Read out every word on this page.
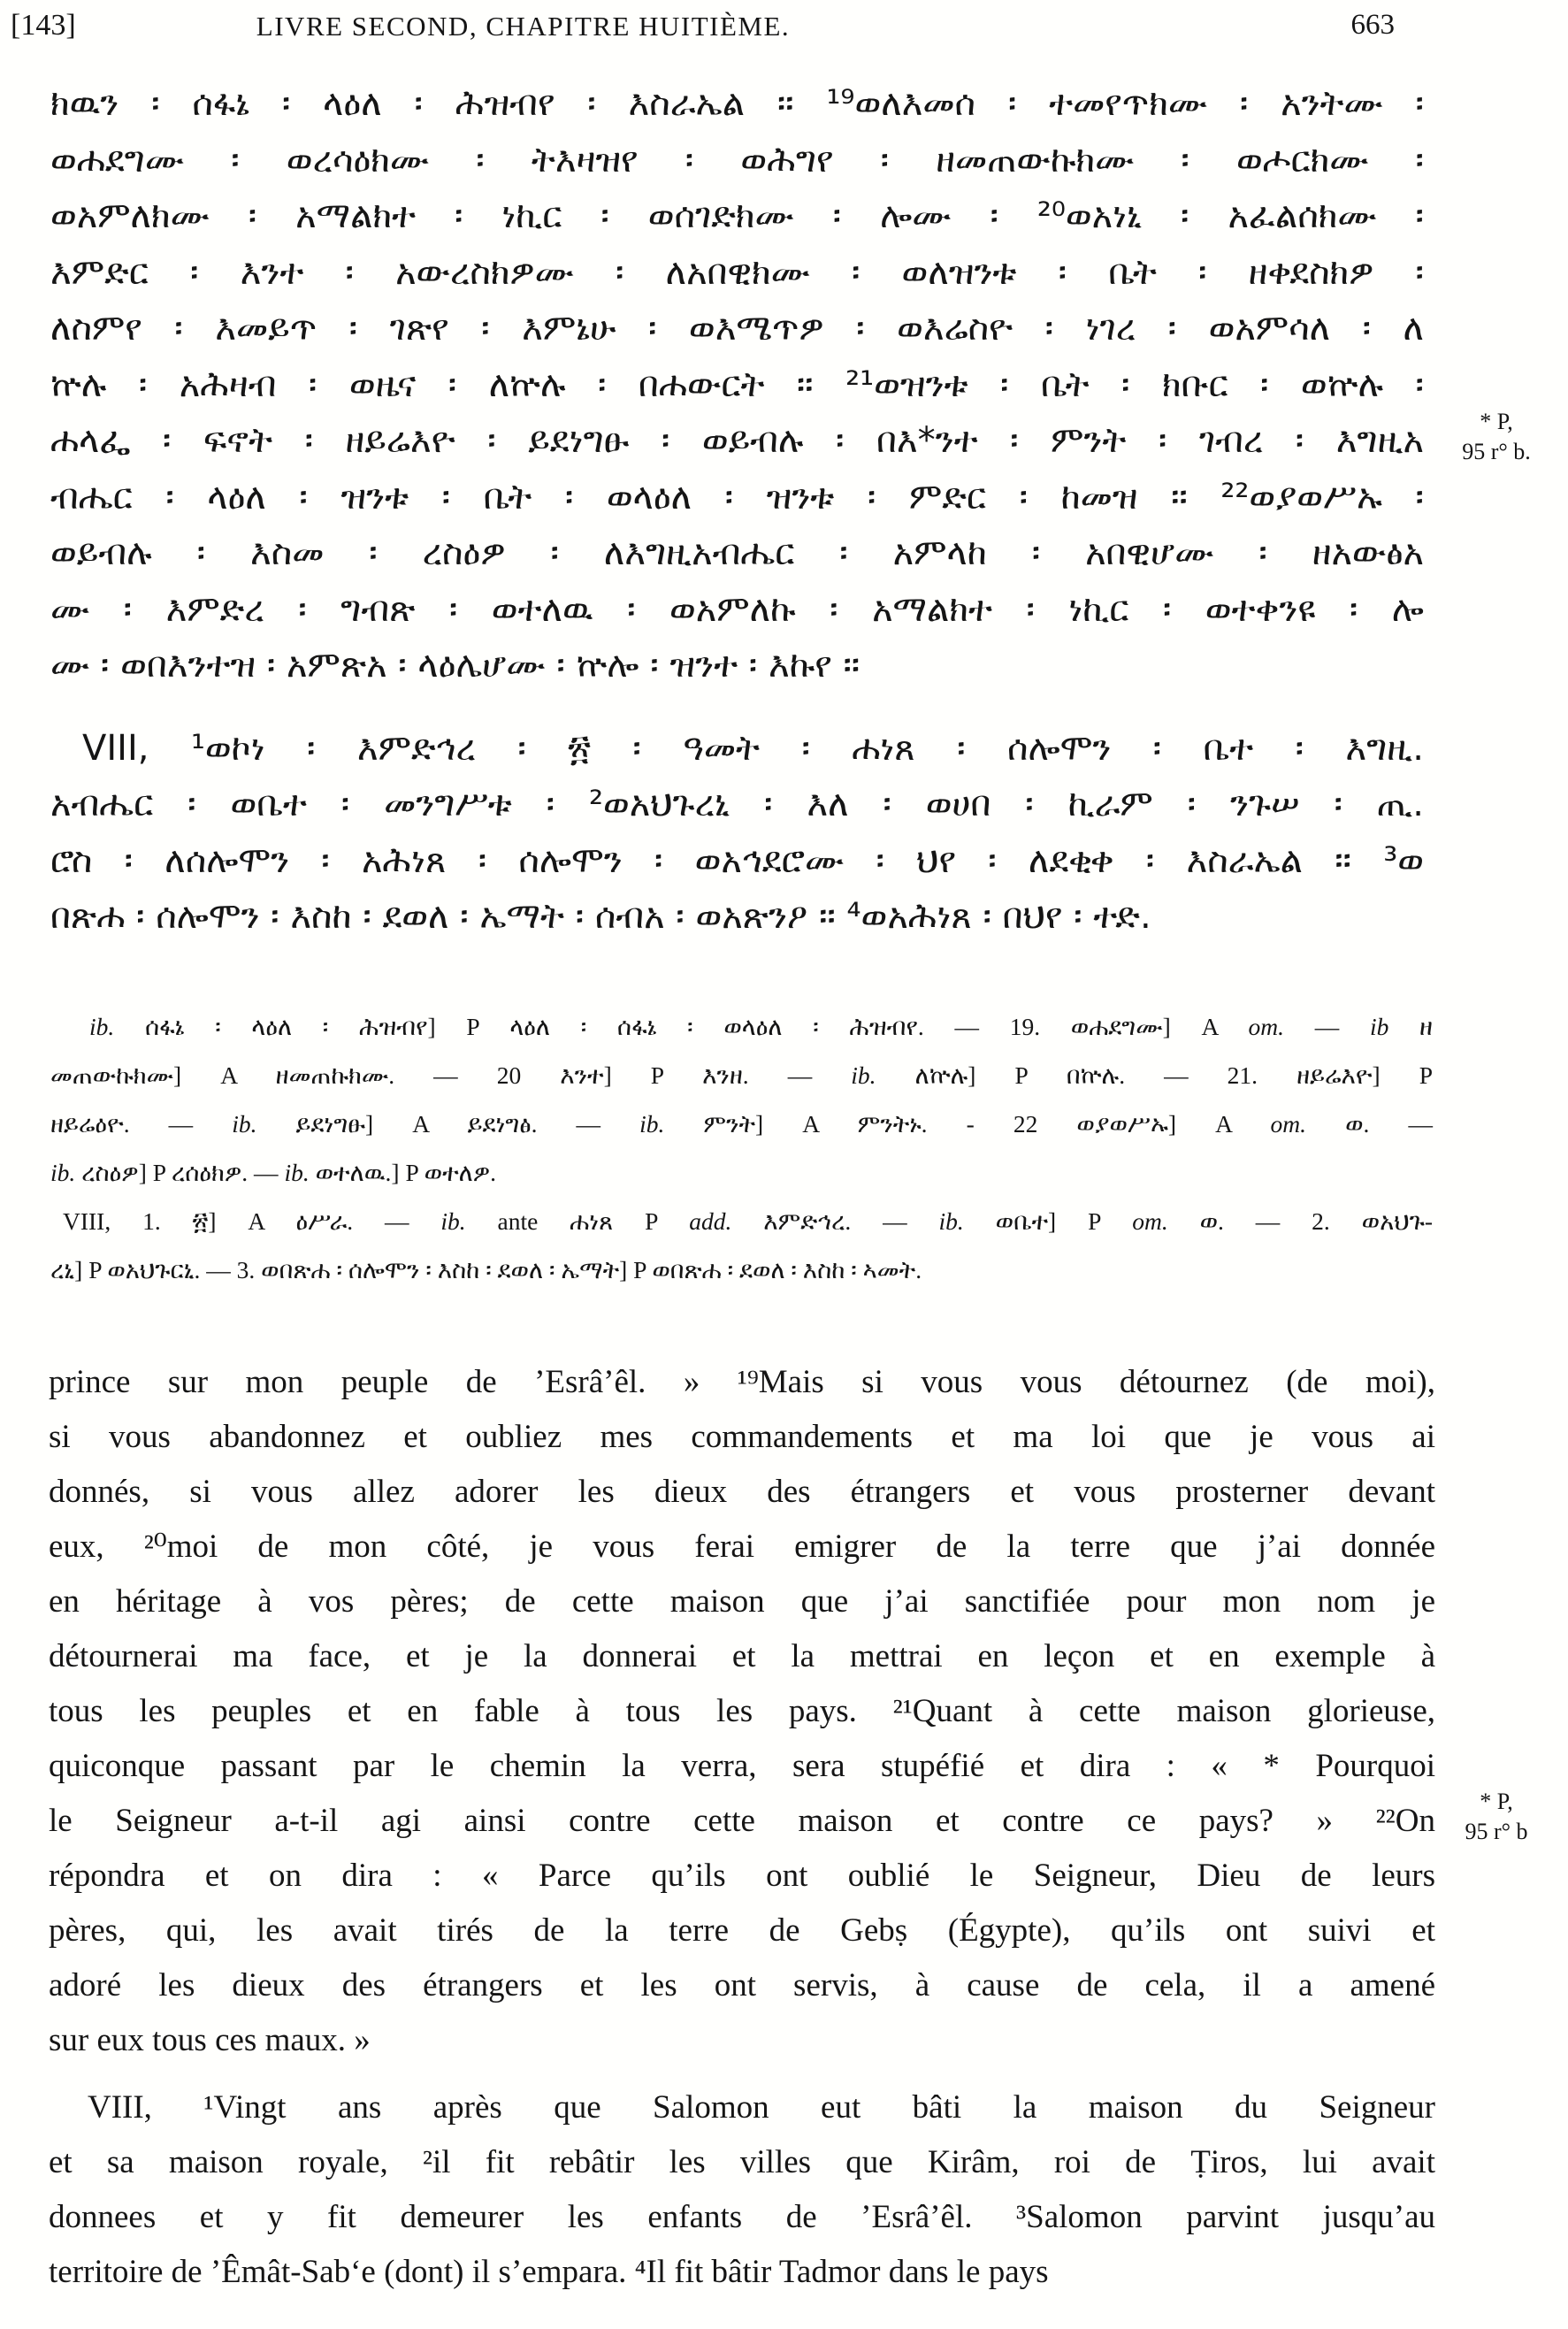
[143]	LIVRE SECOND, CHAPITRE HUITIÈME.	663
ክዉን ፡ ሰፋኔ ፡ ላዕለ ፡ ሕዝብየ ፡ እስራኤል ። ¹⁹ወለእመሰ ፡ ተመየጥክሙ ፡ አንትሙ ፡
ወሐደግሙ ፡ ወረሳዕክሙ ፡ ትእዛዝየ ፡ ወሕግየ ፡ ዘመጠውኩክሙ ፡ ወሖርክሙ ፡
ወአምለክሙ ፡ አማልክተ ፡ ነኪር ፡ ወሰገድክሙ ፡ ሎሙ ፡ ²⁰ወአነኒ ፡ አፈልሰክሙ ፡
እምድር ፡ እንተ ፡ አውረስክዎሙ ፡ ለአበዊክሙ ፡ ወለዝንቱ ፡ ቤት ፡ ዘቀደስክዎ ፡
ለስምየ ፡ እመይጥ ፡ ገጽየ ፡ እምኔሁ ፡ ወእሜጥዎ ፡ ወእሬስዮ ፡ ነገረ ፡ ወአምሳለ ፡ ለ
ኵሉ ፡ አሕዛብ ፡ ወዜና ፡ ለኵሉ ፡ በሐውርት ። ²¹ወዝንቱ ፡ ቤት ፡ ክቡር ፡ ወኵሉ ፡
ሐላፌ ፡ ፍኖት ፡ ዘይሬእዮ ፡ ይደነግፁ ፡ ወይብሉ ፡ በእ*ንተ ፡ ምንት ፡ ገብረ ፡ እግዚአ
ብሔር ፡ ላዕለ ፡ ዝንቱ ፡ ቤት ፡ ወላዕለ ፡ ዝንቱ ፡ ምድር ፡ ከመዝ ። ²²ወያወሥኡ ፡
ወይብሉ ፡ እስመ ፡ ረስዕዎ ፡ ለእግዚአብሔር ፡ አምላከ ፡ አበዊሆሙ ፡ ዘአውፅአ
ሙ ፡ እምድረ ፡ ግብጽ ፡ ወተለዉ ፡ ወአምለኩ ፡ አማልክተ ፡ ነኪር ፡ ወተቀንዩ ፡ ሎ
ሙ ፡ ወበእንተዝ ፡ አምጽአ ፡ ላዕሌሆሙ ፡ ኵሎ ፡ ዝንተ ፡ እኩየ ።
VIII, ¹ወኮነ ፡ እምድኅረ ፡ ፳ ፡ ዓመት ፡ ሐነጸ ፡ ሰሎሞን ፡ ቤተ ፡ እግዚ.
አብሔር ፡ ወቤተ ፡ መንግሥቱ ፡ ²ወአህጉረኒ ፡ እለ ፡ ወሀበ ፡ ኪራም ፡ ንጉሠ ፡ ጢ.
ሮስ ፡ ለሰሎሞን ፡ አሕነጸ ፡ ሰሎሞን ፡ ወአኅደሮሙ ፡ ህየ ፡ ለደቂቀ ፡ እስራኤል ። ³ወ
በጽሐ ፡ ሰሎሞን ፡ እስከ ፡ ደወለ ፡ ኤማት ፡ ሰብአ ፡ ወአጽንዖ ። ⁴ወአሕነጸ ፡ በህየ ፡ ተድ.
* P,
95 r° b.
ib. ሰፋኔ ፡ ላዕለ ፡ ሕዝብየ] P ላዕለ ፡ ሰፋኔ ፡ ወላዕለ ፡ ሕዝብየ. — 19. ወሐደግሙ] A om. — ib ዘ
መጠውኩክሙ] A ዘመጠኩክሙ. — 20 እንተ] P እንዘ. — ib. ለኵሉ] P በኵሉ. — 21. ዘይሬእዮ] P
ዘይሬዕዮ. — ib. ይደነግፁ] A ይደነግፅ. — ib. ምንት] A ምንትኑ. - 22 ወያወሥኡ] A om. ወ. —
ib. ረስዕዎ] P ረሰዕክዎ. — ib. ወተለዉ.] P ወተለዎ.
VIII, 1. ፳] A ዕሥራ. — ib. ante ሐነጸ P add. እምድኅረ. — ib. ወቤተ] P om. ወ. — 2. ወአህጉ-
ረኒ] P ወአህጉርኒ. — 3. ወበጽሐ ፡ ሰሎሞን ፡ እስከ ፡ ደወለ ፡ ኤማት] P ወበጽሐ ፡ ደወለ ፡ እስከ ፡ ኣመት.
prince sur mon peuple de ’Esrâ’êl. » ¹⁹Mais si vous vous détournez (de moi),
si vous abandonnez et oubliez mes commandements et ma loi que je vous ai
donnés, si vous allez adorer les dieux des étrangers et vous prosterner devant
eux, ²⁰moi de mon côté, je vous ferai emigrer de la terre que j’ai donnée
en héritage à vos pères; de cette maison que j’ai sanctifiée pour mon nom je
détournerai ma face, et je la donnerai et la mettrai en leçon et en exemple à
tous les peuples et en fable à tous les pays. ²¹Quant à cette maison glorieuse,
quiconque passant par le chemin la verra, sera stupéfié et dira : « * Pourquoi
le Seigneur a-t-il agi ainsi contre cette maison et contre ce pays? » ²²On
répondra et on dira : « Parce qu’ils ont oublié le Seigneur, Dieu de leurs
pères, qui, les avait tirés de la terre de Gebṣ (Égypte), qu’ils ont suivi et
adoré les dieux des étrangers et les ont servis, à cause de cela, il a amené
sur eux tous ces maux. »
VIII, ¹Vingt ans après que Salomon eut bâti la maison du Seigneur
et sa maison royale, ²il fit rebâtir les villes que Kirâm, roi de Ṭiros, lui avait
donnees et y fit demeurer les enfants de ’Esrâ’êl. ³Salomon parvint jusqu’au
territoire de ’Êmât-Sab‘e (dont) il s’empara. ⁴Il fit bâtir Tadmor dans le pays
* P,
95 r° b
